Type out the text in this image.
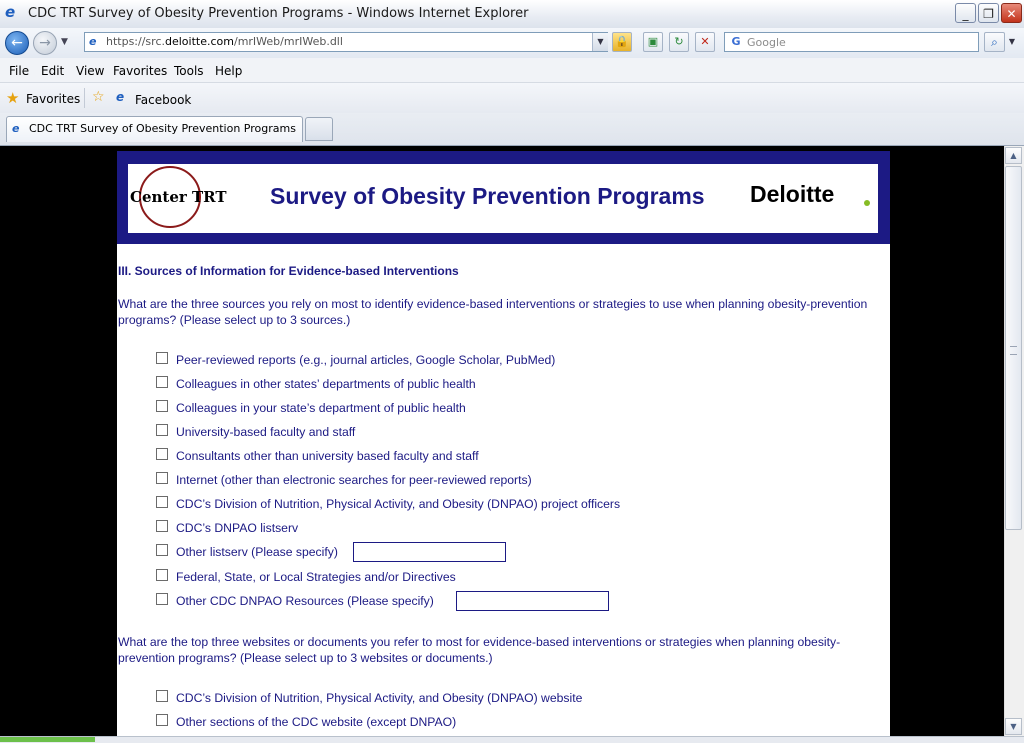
e CDC TRT Survey of Obesity Prevention Programs - Windows Internet Explorer	_	❐	✕
←	→	▼ e https://src.deloitte.com/mrIWeb/mrIWeb.dll	▼	🔒	▣	↻	✕	G Google	⌕	▼
File Edit View Favorites Tools Help
★ Favorites ☆ e Facebook
e CDC TRT Survey of Obesity Prevention Programs
Center TRT Survey of Obesity Prevention Programs Deloitte
III. Sources of Information for Evidence-based Interventions
What are the three sources you rely on most to identify evidence-based interventions or strategies to use when planning obesity-prevention programs? (Please select up to 3 sources.)
Peer-reviewed reports (e.g., journal articles, Google Scholar, PubMed)
Colleagues in other states’ departments of public health
Colleagues in your state’s department of public health
University-based faculty and staff
Consultants other than university based faculty and staff
Internet (other than electronic searches for peer-reviewed reports)
CDC’s Division of Nutrition, Physical Activity, and Obesity (DNPAO) project officers
CDC’s DNPAO listserv
Other listserv (Please specify)
Federal, State, or Local Strategies and/or Directives
Other CDC DNPAO Resources (Please specify)
What are the top three websites or documents you refer to most for evidence-based interventions or strategies when planning obesity-prevention programs? (Please select up to 3 websites or documents.)
CDC’s Division of Nutrition, Physical Activity, and Obesity (DNPAO) website
Other sections of the CDC website (except DNPAO)
▲
▼
